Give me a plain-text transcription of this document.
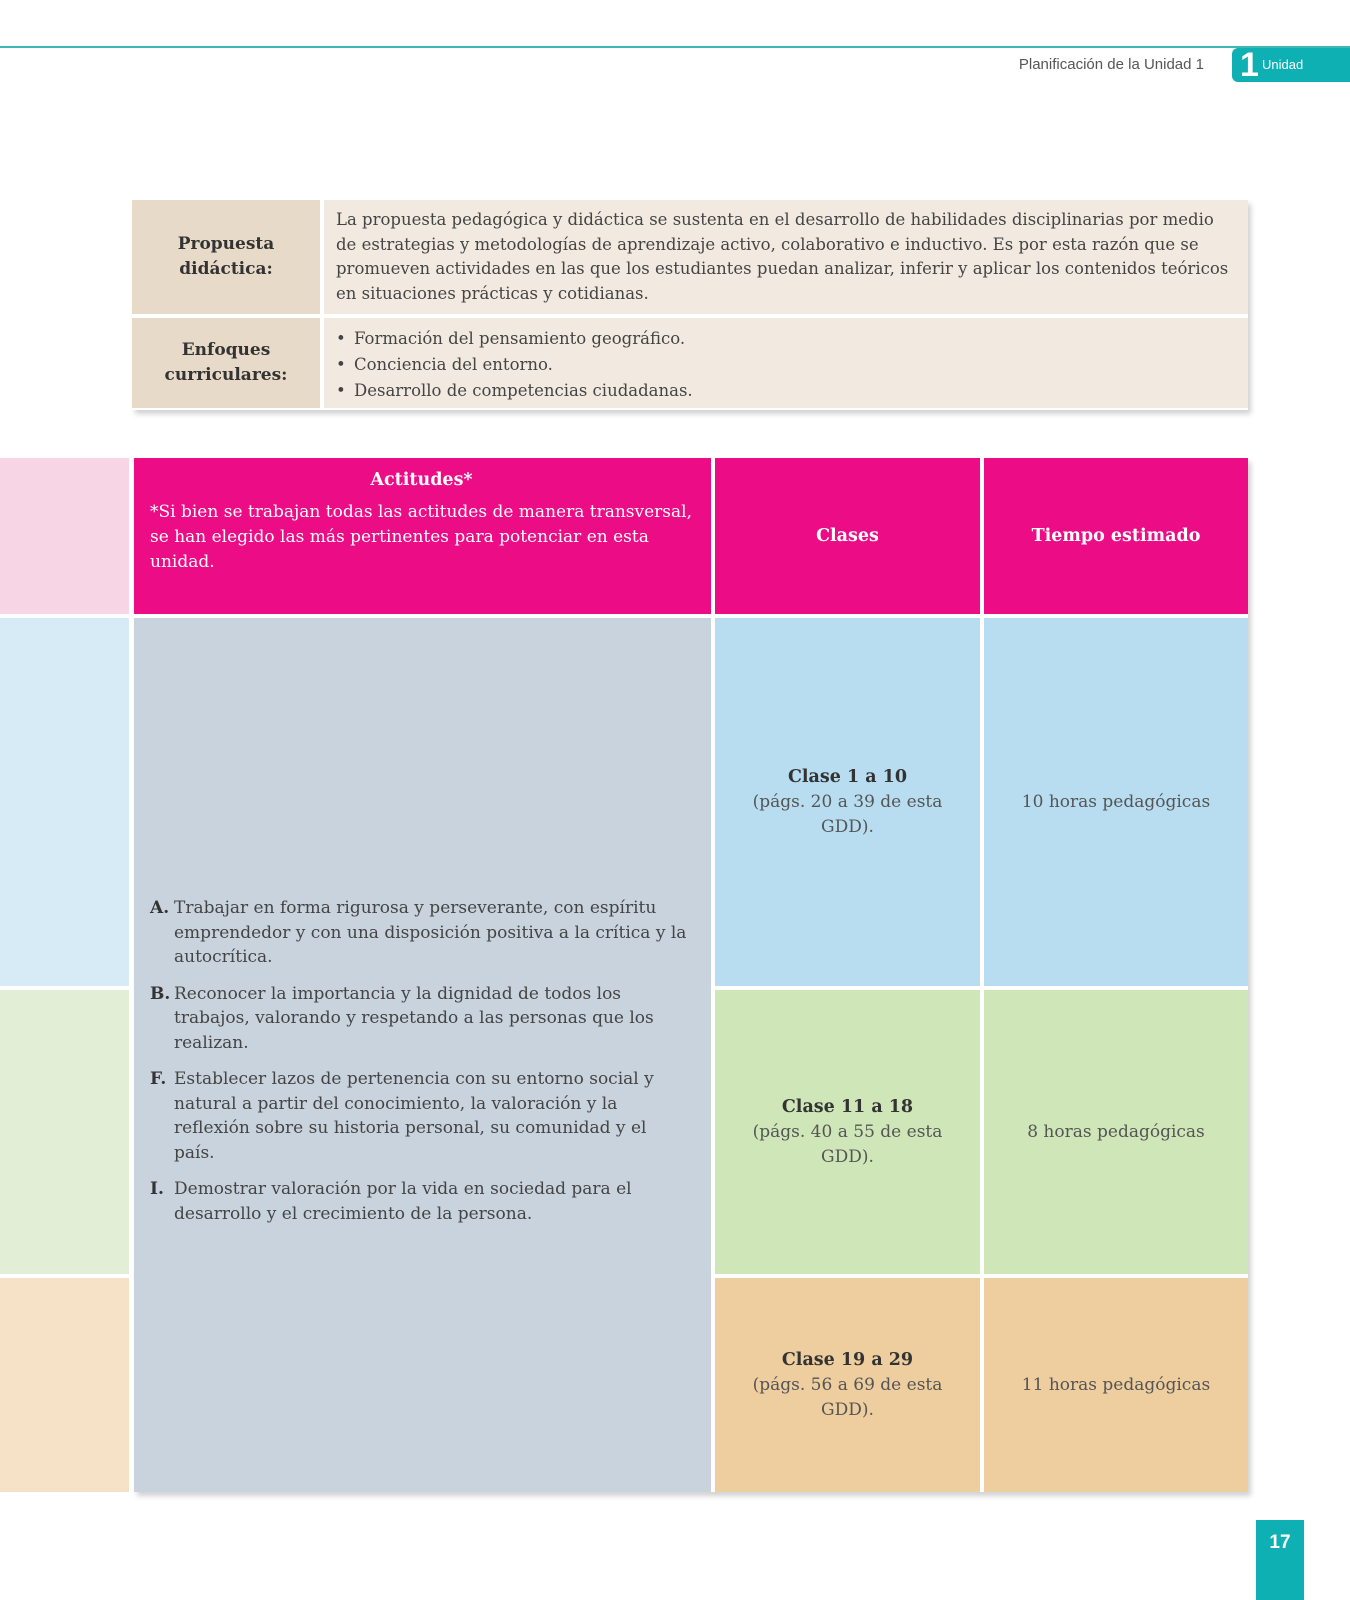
Planificación de la Unidad 1 1 Unidad
Propuesta didáctica:
La propuesta pedagógica y didáctica se sustenta en el desarrollo de habilidades disciplinarias por medio de estrategias y metodologías de aprendizaje activo, colaborativo e inductivo. Es por esta razón que se promueven actividades en las que los estudiantes puedan analizar, inferir y aplicar los contenidos teóricos en situaciones prácticas y cotidianas.
Enfoques curriculares:
• Formación del pensamiento geográfico.
• Conciencia del entorno.
• Desarrollo de competencias ciudadanas.
Actitudes*
*Si bien se trabajan todas las actitudes de manera transversal, se han elegido las más pertinentes para potenciar en esta unidad.
Clases	Tiempo estimado
A. Trabajar en forma rigurosa y perseverante, con espíritu emprendedor y con una disposición positiva a la crítica y la autocrítica.
B. Reconocer la importancia y la dignidad de todos los trabajos, valorando y respetando a las personas que los realizan.
F. Establecer lazos de pertenencia con su entorno social y natural a partir del conocimiento, la valoración y la reflexión sobre su historia personal, su comunidad y el país.
I. Demostrar valoración por la vida en sociedad para el desarrollo y el crecimiento de la persona.
Clase 1 a 10
(págs. 20 a 39 de esta GDD).
10 horas pedagógicas
Clase 11 a 18
(págs. 40 a 55 de esta GDD).
8 horas pedagógicas
Clase 19 a 29
(págs. 56 a 69 de esta GDD).
11 horas pedagógicas
17
